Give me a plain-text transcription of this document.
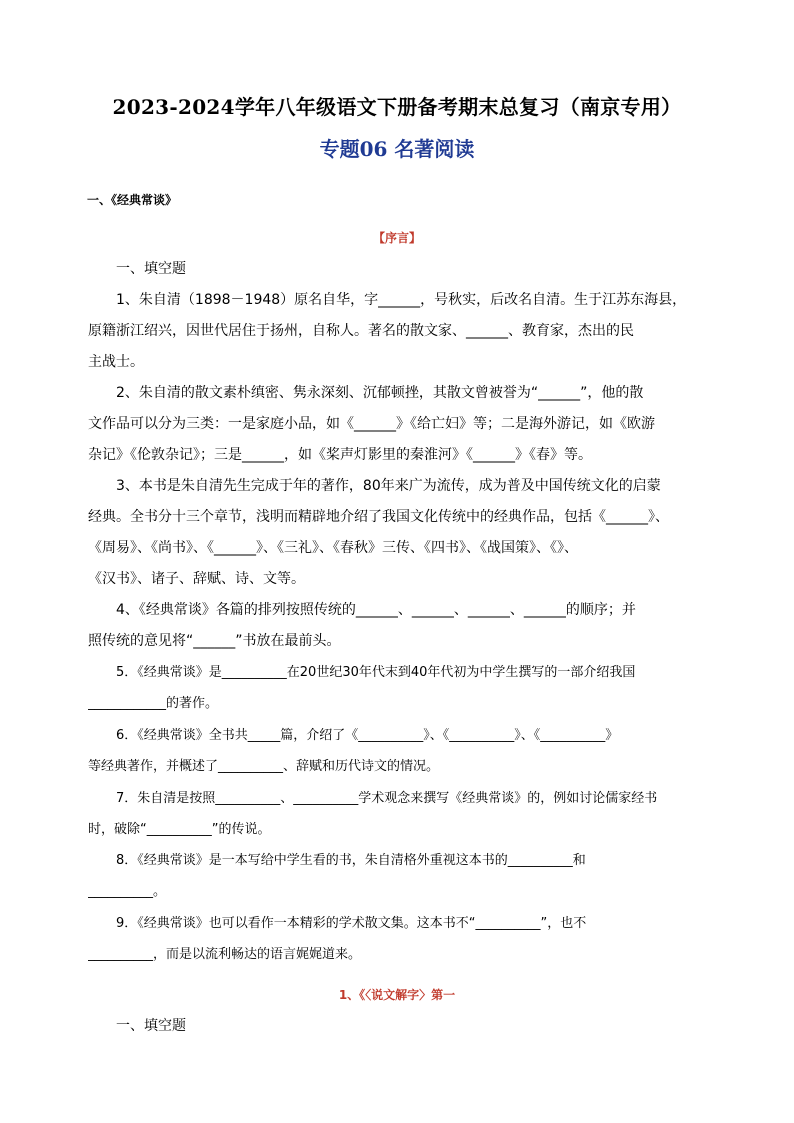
2023-2024学年八年级语文下册备考期末总复习（南京专用）
专题06 名著阅读
一、《经典常谈》
【序言】
一、填空题
1、朱自清（1898－1948）原名自华，字______，号秋实，后改名自清。生于江苏东海县，
原籍浙江绍兴，因世代居住于扬州，自称人。著名的散文家、______、教育家，杰出的民
主战士。
2、朱自清的散文素朴缜密、隽永深刻、沉郁顿挫，其散文曾被誉为“______”，他的散
文作品可以分为三类：一是家庭小品，如《______》《给亡妇》等；二是海外游记，如《欧游
杂记》《伦敦杂记》；三是______，如《桨声灯影里的秦淮河》《______》《春》等。
3、本书是朱自清先生完成于年的著作，80年来广为流传，成为普及中国传统文化的启蒙
经典。全书分十三个章节，浅明而精辟地介绍了我国文化传统中的经典作品，包括《______》、
《周易》、《尚书》、《______》、《三礼》、《春秋》三传、《四书》、《战国策》、《》、
《汉书》、诸子、辞赋、诗、文等。
4、《经典常谈》各篇的排列按照传统的______、______、______、______的顺序；并
照传统的意见将“______”书放在最前头。
5．《经典常谈》是__________在20世纪30年代末到40年代初为中学生撰写的一部介绍我国
____________的著作。
6．《经典常谈》全书共_____篇，介绍了《__________》、《__________》、《__________》
等经典著作，并概述了__________、辞赋和历代诗文的情况。
7．朱自清是按照__________、__________学术观念来撰写《经典常谈》的，例如讨论儒家经书
时，破除“__________”的传说。
8．《经典常谈》是一本写给中学生看的书，朱自清格外重视这本书的__________和
__________。
9．《经典常谈》也可以看作一本精彩的学术散文集。这本书不“__________”，也不
__________，而是以流利畅达的语言娓娓道来。
1、《〈说文解字〉第一
一、填空题
